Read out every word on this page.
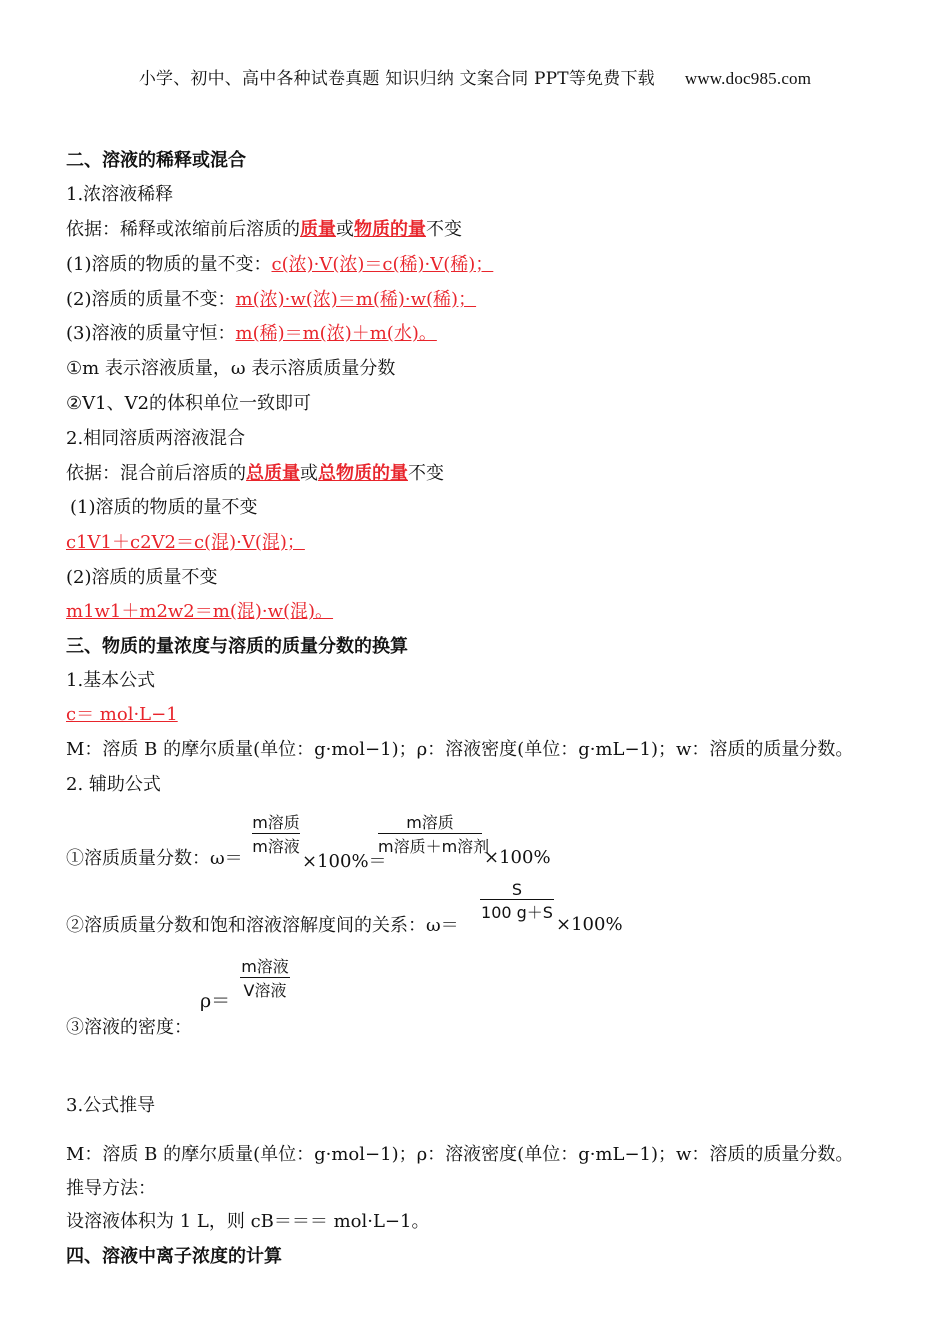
小学、初中、高中各种试卷真题 知识归纳 文案合同 PPT等免费下载 www.doc985.com
二、溶液的稀释或混合
1.浓溶液稀释
依据：稀释或浓缩前后溶质的质量或物质的量不变
(1)溶质的物质的量不变：c(浓)·V(浓)＝c(稀)·V(稀)；
(2)溶质的质量不变：m(浓)·w(浓)＝m(稀)·w(稀)；
(3)溶液的质量守恒：m(稀)＝m(浓)＋m(水)。
①m 表示溶液质量，ω 表示溶质质量分数
②V1、V2的体积单位一致即可
2.相同溶质两溶液混合
依据：混合前后溶质的总质量或总物质的量不变
(1)溶质的物质的量不变
c1V1＋c2V2＝c(混)·V(混)；
(2)溶质的质量不变
m1w1＋m2w2＝m(混)·w(混)。
三、物质的量浓度与溶质的质量分数的换算
1.基本公式
c＝ mol·L−1
M：溶质 B 的摩尔质量(单位：g·mol−1)；ρ：溶液密度(单位：g·mL−1)；w：溶质的质量分数。
2. 辅助公式
①溶质质量分数：ω＝
m溶质
m溶液
×100%＝
m溶质
m溶质＋m溶剂
×100%
②溶质质量分数和饱和溶液溶解度间的关系：ω＝
S
100 g＋S
×100%
ρ＝
m溶液
V溶液
③溶液的密度：
3.公式推导
M：溶质 B 的摩尔质量(单位：g·mol−1)；ρ：溶液密度(单位：g·mL−1)；w：溶质的质量分数。
推导方法：
设溶液体积为 1 L，则 cB＝＝＝ mol·L−1。
四、溶液中离子浓度的计算
